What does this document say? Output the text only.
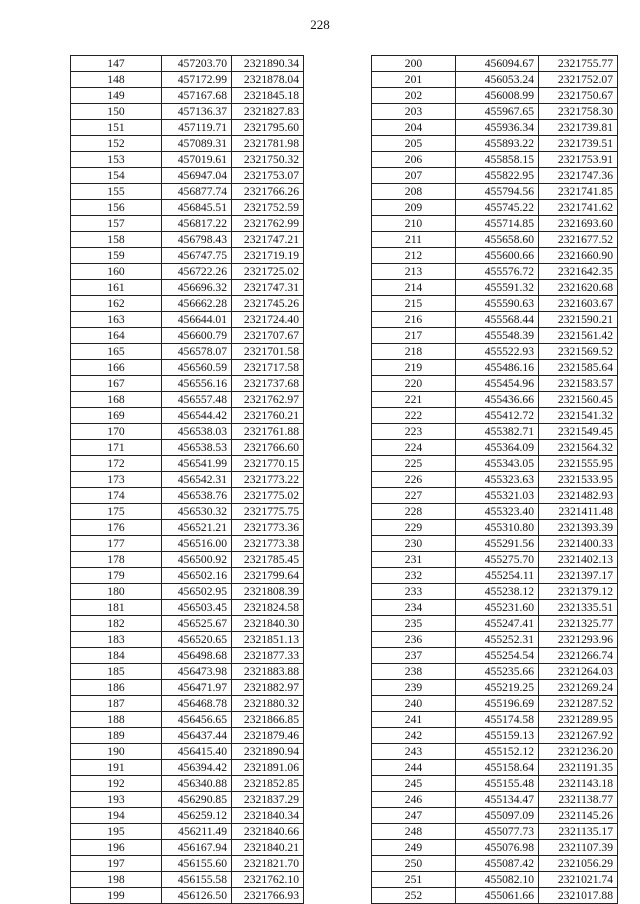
228
147	457203.70	2321890.34
148	457172.99	2321878.04
149	457167.68	2321845.18
150	457136.37	2321827.83
151	457119.71	2321795.60
152	457089.31	2321781.98
153	457019.61	2321750.32
154	456947.04	2321753.07
155	456877.74	2321766.26
156	456845.51	2321752.59
157	456817.22	2321762.99
158	456798.43	2321747.21
159	456747.75	2321719.19
160	456722.26	2321725.02
161	456696.32	2321747.31
162	456662.28	2321745.26
163	456644.01	2321724.40
164	456600.79	2321707.67
165	456578.07	2321701.58
166	456560.59	2321717.58
167	456556.16	2321737.68
168	456557.48	2321762.97
169	456544.42	2321760.21
170	456538.03	2321761.88
171	456538.53	2321766.60
172	456541.99	2321770.15
173	456542.31	2321773.22
174	456538.76	2321775.02
175	456530.32	2321775.75
176	456521.21	2321773.36
177	456516.00	2321773.38
178	456500.92	2321785.45
179	456502.16	2321799.64
180	456502.95	2321808.39
181	456503.45	2321824.58
182	456525.67	2321840.30
183	456520.65	2321851.13
184	456498.68	2321877.33
185	456473.98	2321883.88
186	456471.97	2321882.97
187	456468.78	2321880.32
188	456456.65	2321866.85
189	456437.44	2321879.46
190	456415.40	2321890.94
191	456394.42	2321891.06
192	456340.88	2321852.85
193	456290.85	2321837.29
194	456259.12	2321840.34
195	456211.49	2321840.66
196	456167.94	2321840.21
197	456155.60	2321821.70
198	456155.58	2321762.10
199	456126.50	2321766.93
200	456094.67	2321755.77
201	456053.24	2321752.07
202	456008.99	2321750.67
203	455967.65	2321758.30
204	455936.34	2321739.81
205	455893.22	2321739.51
206	455858.15	2321753.91
207	455822.95	2321747.36
208	455794.56	2321741.85
209	455745.22	2321741.62
210	455714.85	2321693.60
211	455658.60	2321677.52
212	455600.66	2321660.90
213	455576.72	2321642.35
214	455591.32	2321620.68
215	455590.63	2321603.67
216	455568.44	2321590.21
217	455548.39	2321561.42
218	455522.93	2321569.52
219	455486.16	2321585.64
220	455454.96	2321583.57
221	455436.66	2321560.45
222	455412.72	2321541.32
223	455382.71	2321549.45
224	455364.09	2321564.32
225	455343.05	2321555.95
226	455323.63	2321533.95
227	455321.03	2321482.93
228	455323.40	2321411.48
229	455310.80	2321393.39
230	455291.56	2321400.33
231	455275.70	2321402.13
232	455254.11	2321397.17
233	455238.12	2321379.12
234	455231.60	2321335.51
235	455247.41	2321325.77
236	455252.31	2321293.96
237	455254.54	2321266.74
238	455235.66	2321264.03
239	455219.25	2321269.24
240	455196.69	2321287.52
241	455174.58	2321289.95
242	455159.13	2321267.92
243	455152.12	2321236.20
244	455158.64	2321191.35
245	455155.48	2321143.18
246	455134.47	2321138.77
247	455097.09	2321145.26
248	455077.73	2321135.17
249	455076.98	2321107.39
250	455087.42	2321056.29
251	455082.10	2321021.74
252	455061.66	2321017.88
